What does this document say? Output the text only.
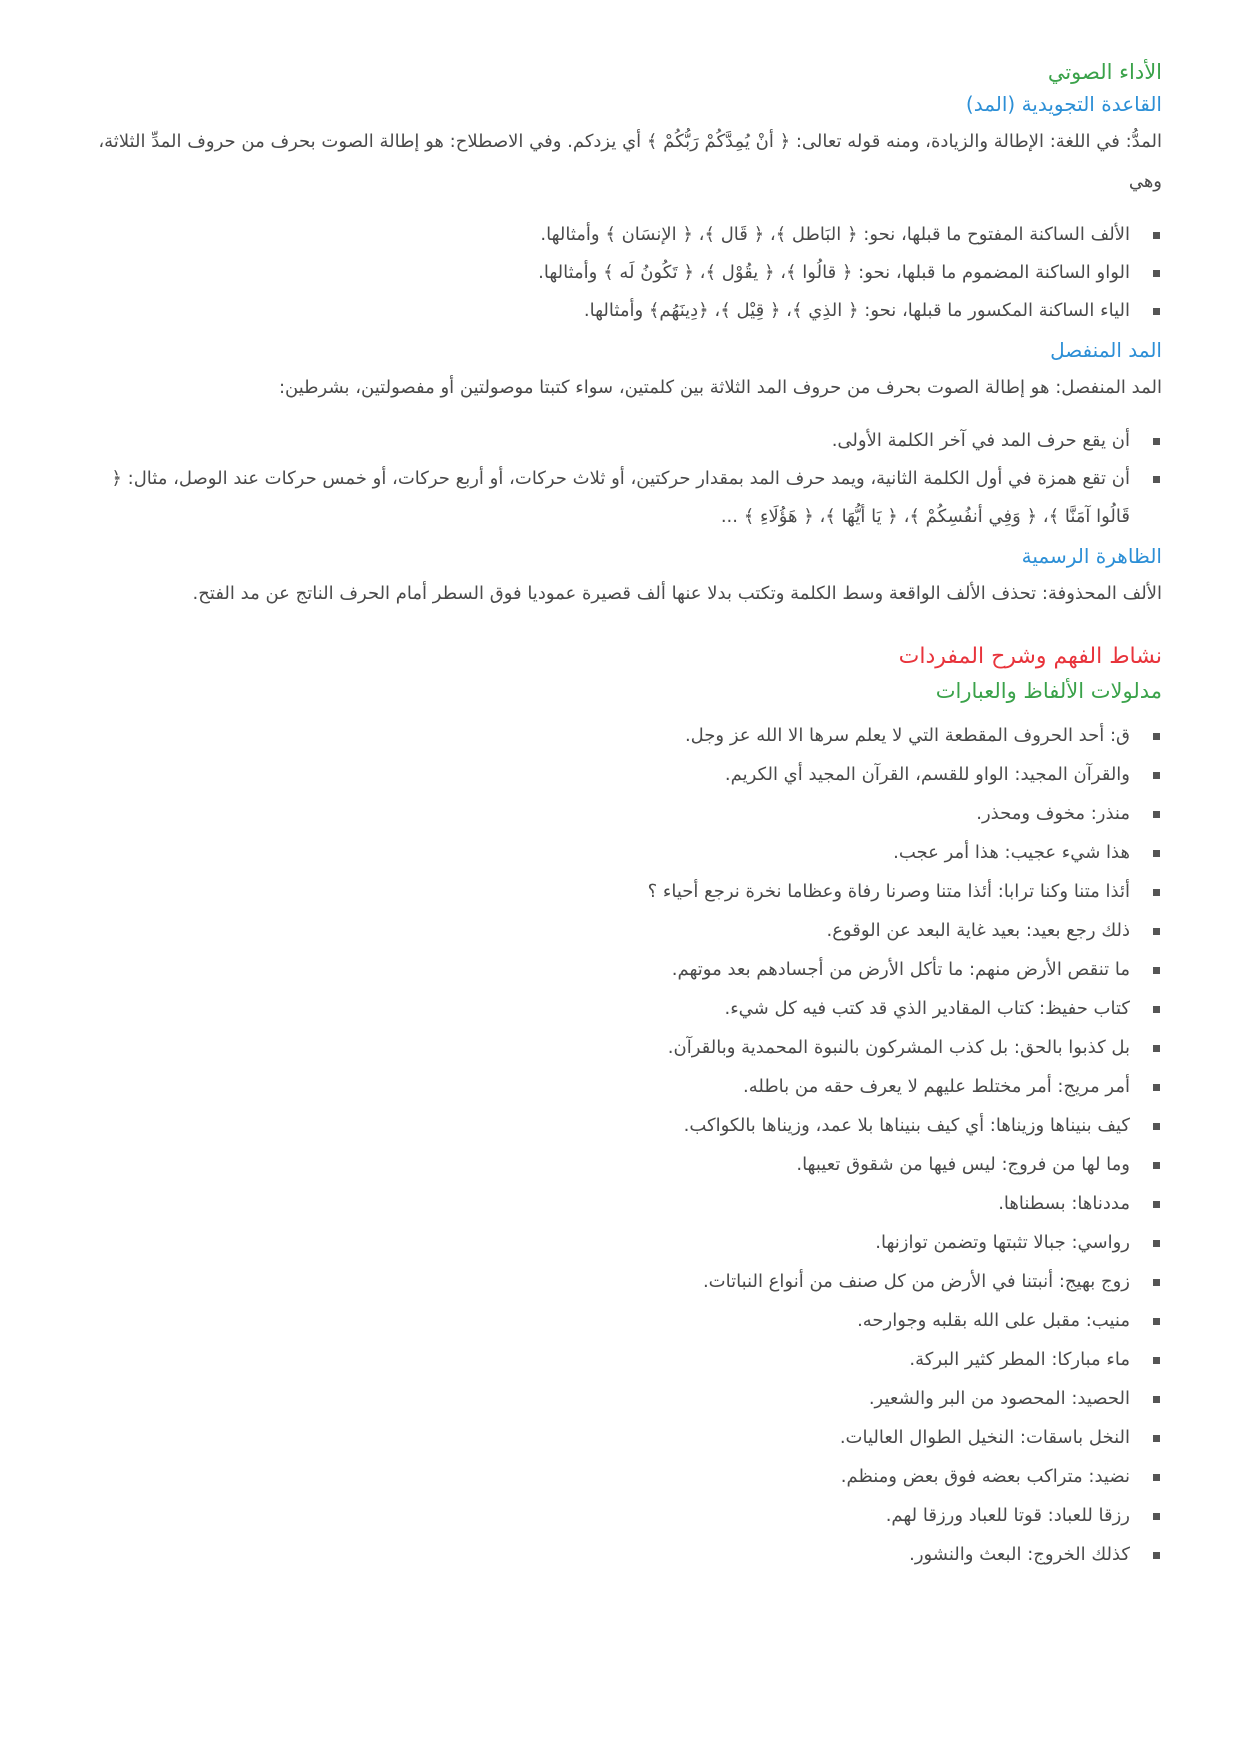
الأداء الصوتي
القاعدة التجويدية (المد)

المدُّ: في اللغة: الإطالة والزيادة، ومنه قوله تعالى: ﴿ أنْ يُمِدَّكُمْ رَبُّكُمْ ﴾ أي يزدكم. وفي الاصطلاح: هو إطالة الصوت بحرف من حروف المدِّ الثلاثة، وهي

الألف الساكنة المفتوح ما قبلها، نحو: ﴿ البَاطل ﴾، ﴿ قَال ﴾، ﴿ الإنسَان ﴾ وأمثالها.
الواو الساكنة المضموم ما قبلها، نحو: ﴿ قالُوا ﴾، ﴿ يقُوْل ﴾، ﴿ تَكُونُ لَه ﴾ وأمثالها.
الياء الساكنة المكسور ما قبلها، نحو: ﴿ الذِي ﴾، ﴿ قِيْل ﴾، ﴿دِينَهُم﴾ وأمثالها.
المد المنفصل

المد المنفصل: هو إطالة الصوت بحرف من حروف المد الثلاثة بين كلمتين، سواء كتبتا موصولتين أو مفصولتين، بشرطين:

أن يقع حرف المد في آخر الكلمة الأولى.
أن تقع همزة في أول الكلمة الثانية، ويمد حرف المد بمقدار حركتين، أو ثلاث حركات، أو أربع حركات، أو خمس حركات عند الوصل، مثال: ﴿ قَالُوا آمَنَّا ﴾، ﴿ وَفِي أنفُسِكُمْ ﴾، ﴿ يَا أيُّهَا ﴾، ﴿ هَؤُلَاءِ ﴾ ...
الظاهرة الرسمية

الألف المحذوفة: تحذف الألف الواقعة وسط الكلمة وتكتب بدلا عنها ألف قصيرة عموديا فوق السطر أمام الحرف الناتج عن مد الفتح.

نشاط الفهم وشرح المفردات
مدلولات الألفاظ والعبارات
ق: أحد الحروف المقطعة التي لا يعلم سرها الا الله عز وجل.
والقرآن المجيد: الواو للقسم، القرآن المجيد أي الكريم.
منذر: مخوف ومحذر.
هذا شيء عجيب: هذا أمر عجب.
أئذا متنا وكنا ترابا: أئذا متنا وصرنا رفاة وعظاما نخرة نرجع أحياء ؟
ذلك رجع بعيد: بعيد غاية البعد عن الوقوع.
ما تنقص الأرض منهم: ما تأكل الأرض من أجسادهم بعد موتهم.
كتاب حفيظ: كتاب المقادير الذي قد كتب فيه كل شيء.
بل كذبوا بالحق: بل كذب المشركون بالنبوة المحمدية وبالقرآن.
أمر مريج: أمر مختلط عليهم لا يعرف حقه من باطله.
كيف بنيناها وزيناها: أي كيف بنيناها بلا عمد، وزيناها بالكواكب.
وما لها من فروج: ليس فيها من شقوق تعيبها.
مددناها: بسطناها.
رواسي: جبالا تثبتها وتضمن توازنها.
زوج بهيج: أنبتنا في الأرض من كل صنف من أنواع النباتات.
منيب: مقبل على الله بقلبه وجوارحه.
ماء مباركا: المطر كثير البركة.
الحصيد: المحصود من البر والشعير.
النخل باسقات: النخيل الطوال العاليات.
نضيد: متراكب بعضه فوق بعض ومنظم.
رزقا للعباد: قوتا للعباد ورزقا لهم.
كذلك الخروج: البعث والنشور.
